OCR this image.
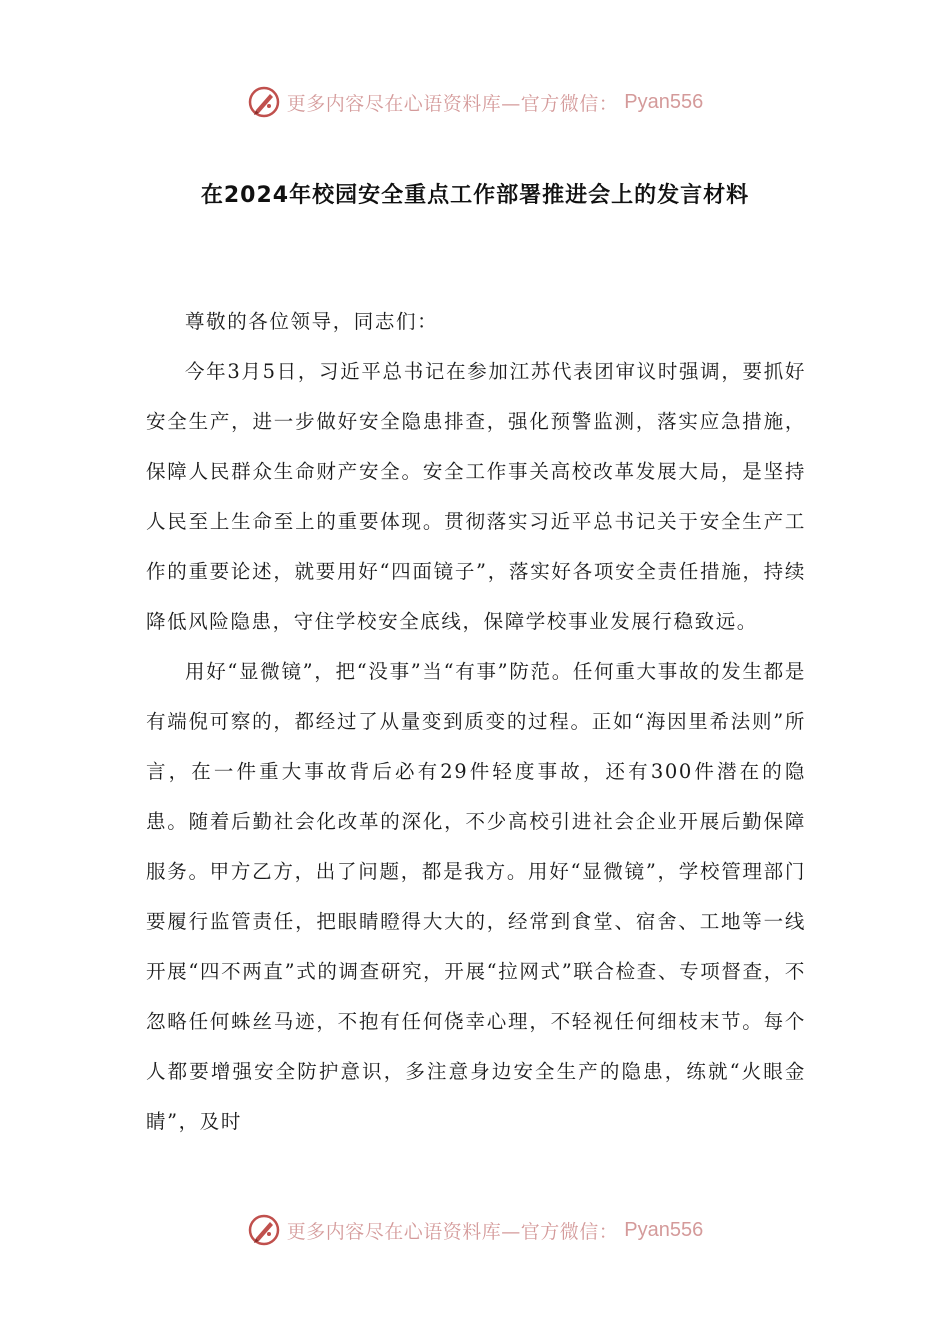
更多内容尽在心语资料库—官方微信： Pyan556
在2024年校园安全重点工作部署推进会上的发言材料

尊敬的各位领导，同志们：

今年3月5日，习近平总书记在参加江苏代表团审议时强调，要抓好安全生产，进一步做好安全隐患排查，强化预警监测，落实应急措施，保障人民群众生命财产安全。安全工作事关高校改革发展大局，是坚持人民至上生命至上的重要体现。贯彻落实习近平总书记关于安全生产工作的重要论述，就要用好“四面镜子”，落实好各项安全责任措施，持续降低风险隐患，守住学校安全底线，保障学校事业发展行稳致远。

用好“显微镜”，把“没事”当“有事”防范。任何重大事故的发生都是有端倪可察的，都经过了从量变到质变的过程。正如“海因里希法则”所言，在一件重大事故背后必有29件轻度事故，还有300件潜在的隐患。随着后勤社会化改革的深化，不少高校引进社会企业开展后勤保障服务。甲方乙方，出了问题，都是我方。用好“显微镜”，学校管理部门要履行监管责任，把眼睛瞪得大大的，经常到食堂、宿舍、工地等一线开展“四不两直”式的调查研究，开展“拉网式”联合检查、专项督查，不忽略任何蛛丝马迹，不抱有任何侥幸心理，不轻视任何细枝末节。每个人都要增强安全防护意识，多注意身边安全生产的隐患，练就“火眼金睛”，及时

更多内容尽在心语资料库—官方微信： Pyan556
